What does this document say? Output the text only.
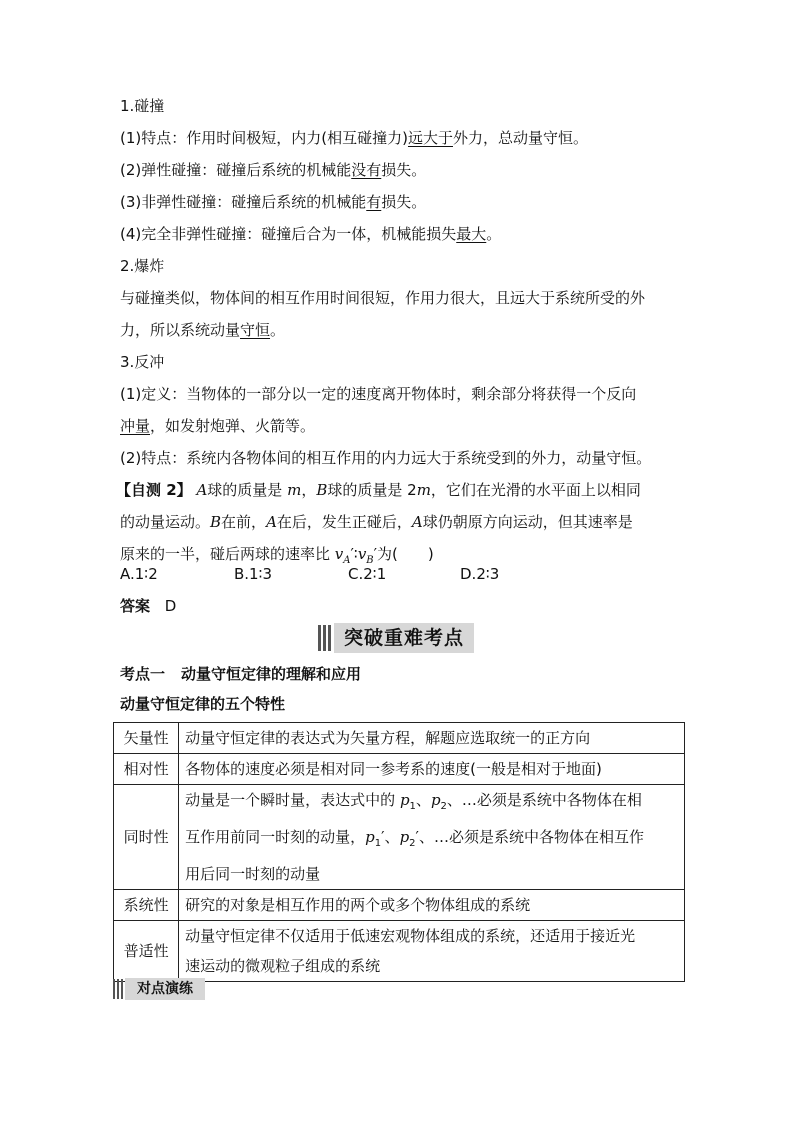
1.碰撞
(1)特点：作用时间极短，内力(相互碰撞力)远大于外力，总动量守恒。
(2)弹性碰撞：碰撞后系统的机械能没有损失。
(3)非弹性碰撞：碰撞后系统的机械能有损失。
(4)完全非弹性碰撞：碰撞后合为一体，机械能损失最大。
2.爆炸
与碰撞类似，物体间的相互作用时间很短，作用力很大，且远大于系统所受的外
力，所以系统动量守恒。
3.反冲
(1)定义：当物体的一部分以一定的速度离开物体时，剩余部分将获得一个反向
冲量，如发射炮弹、火箭等。
(2)特点：系统内各物体间的相互作用的内力远大于系统受到的外力，动量守恒。
【自测 2】 A球的质量是 m，B球的质量是 2m，它们在光滑的水平面上以相同
的动量运动。B在前，A在后，发生正碰后，A球仍朝原方向运动，但其速率是
原来的一半，碰后两球的速率比 $v_A'∶v_B'$为(　　)
A.1∶2	B.1∶3	C.2∶1	D.2∶3
答案 D
突破重难考点
考点一 动量守恒定律的理解和应用
动量守恒定律的五个特性
矢量性	动量守恒定律的表达式为矢量方程，解题应选取统一的正方向
相对性	各物体的速度必须是相对同一参考系的速度(一般是相对于地面)
同时性	动量是一个瞬时量，表达式中的 $p_1$、$p_2$、…必须是系统中各物体在相
互作用前同一时刻的动量，$p_1'$、$p_2'$、…必须是系统中各物体在相互作
用后同一时刻的动量

系统性	研究的对象是相互作用的两个或多个物体组成的系统
普适性	动量守恒定律不仅适用于低速宏观物体组成的系统，还适用于接近光
速运动的微观粒子组成的系统
对点演练
